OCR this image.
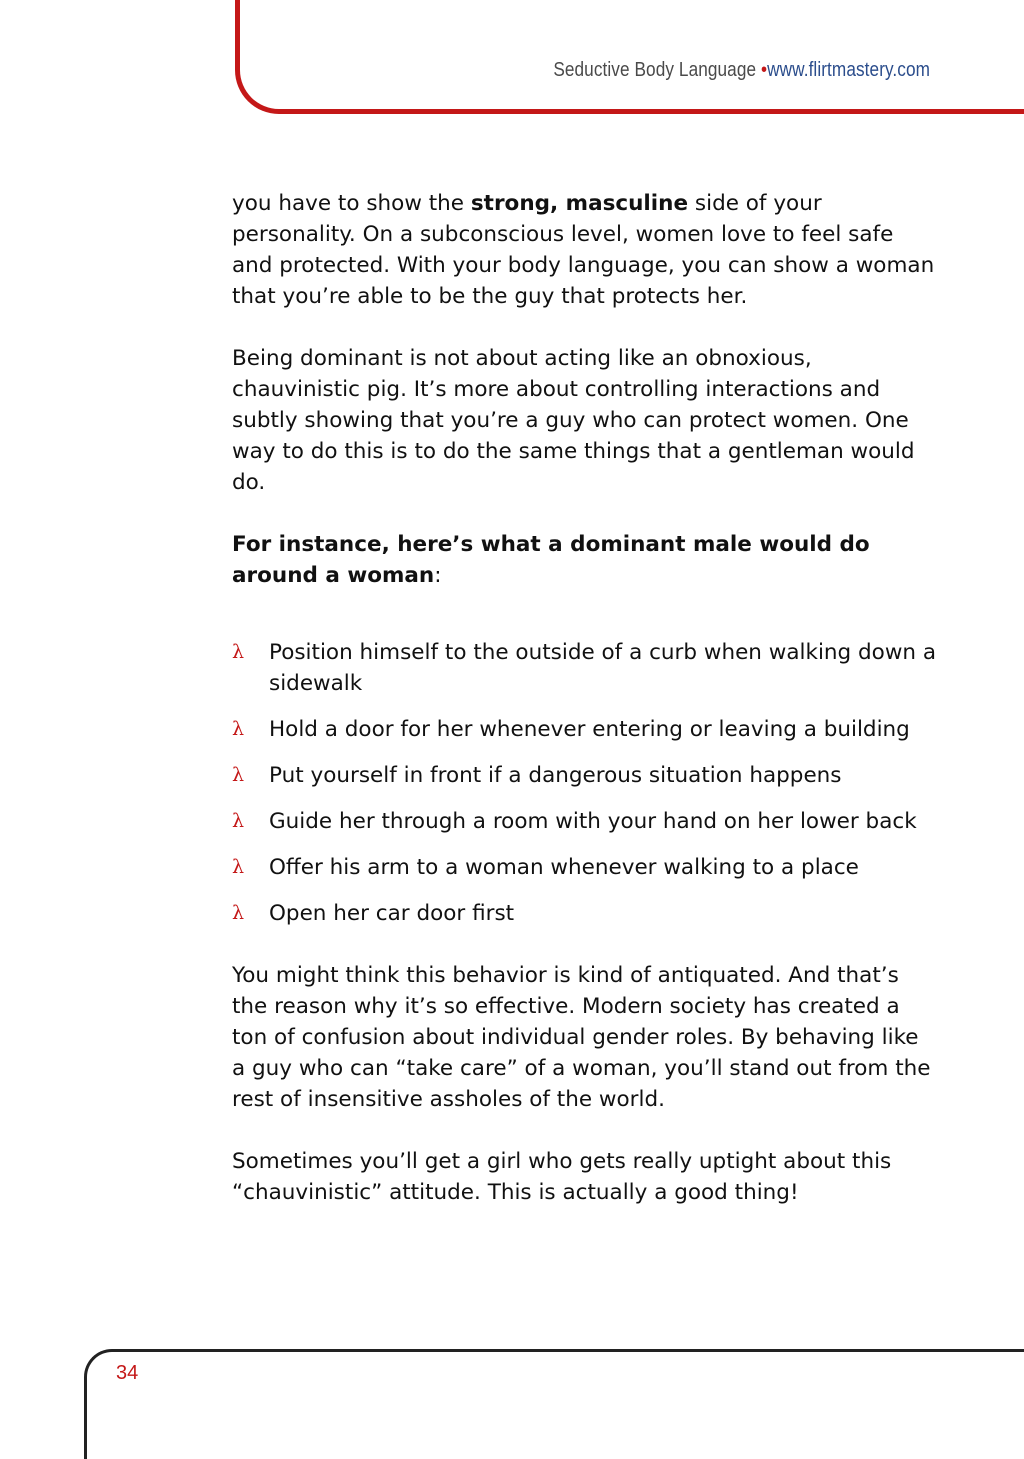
Seductive Body Language •www.flirtmastery.com

you have to show the strong, masculine side of your personality. On a subconscious level, women love to feel safe and protected. With your body language, you can show a woman that you’re able to be the guy that protects her.

Being dominant is not about acting like an obnoxious, chauvinistic pig. It’s more about controlling interactions and subtly showing that you’re a guy who can protect women. One way to do this is to do the same things that a gentleman would do.

For instance, here’s what a dominant male would do around a woman:

λ Position himself to the outside of a curb when walking down a sidewalk
λ Hold a door for her whenever entering or leaving a building
λ Put yourself in front if a dangerous situation happens
λ Guide her through a room with your hand on her lower back
λ Offer his arm to a woman whenever walking to a place
λ Open her car door first

You might think this behavior is kind of antiquated. And that’s the reason why it’s so effective. Modern society has created a ton of confusion about individual gender roles. By behaving like a guy who can “take care” of a woman, you’ll stand out from the rest of insensitive assholes of the world.

Sometimes you’ll get a girl who gets really uptight about this “chauvinistic” attitude. This is actually a good thing!

34
